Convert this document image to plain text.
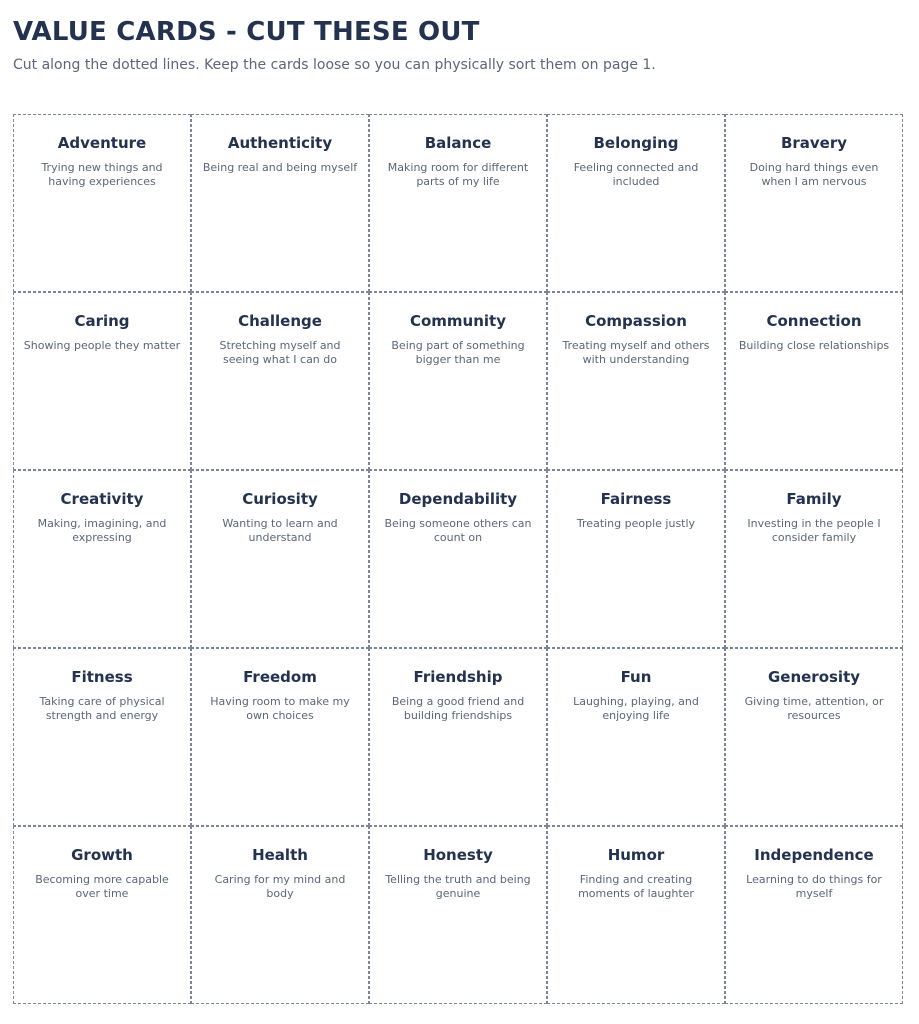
VALUE CARDS - CUT THESE OUT

Cut along the dotted lines. Keep the cards loose so you can physically sort them on page 1.

Adventure
Trying new things and having experiences
Authenticity
Being real and being myself
Balance
Making room for different parts of my life
Belonging
Feeling connected and included
Bravery
Doing hard things even when I am nervous
Caring
Showing people they matter
Challenge
Stretching myself and seeing what I can do
Community
Being part of something bigger than me
Compassion
Treating myself and others with understanding
Connection
Building close relationships
Creativity
Making, imagining, and expressing
Curiosity
Wanting to learn and understand
Dependability
Being someone others can count on
Fairness
Treating people justly
Family
Investing in the people I consider family
Fitness
Taking care of physical strength and energy
Freedom
Having room to make my own choices
Friendship
Being a good friend and building friendships
Fun
Laughing, playing, and enjoying life
Generosity
Giving time, attention, or resources
Growth
Becoming more capable over time
Health
Caring for my mind and body
Honesty
Telling the truth and being genuine
Humor
Finding and creating moments of laughter
Independence
Learning to do things for myself
